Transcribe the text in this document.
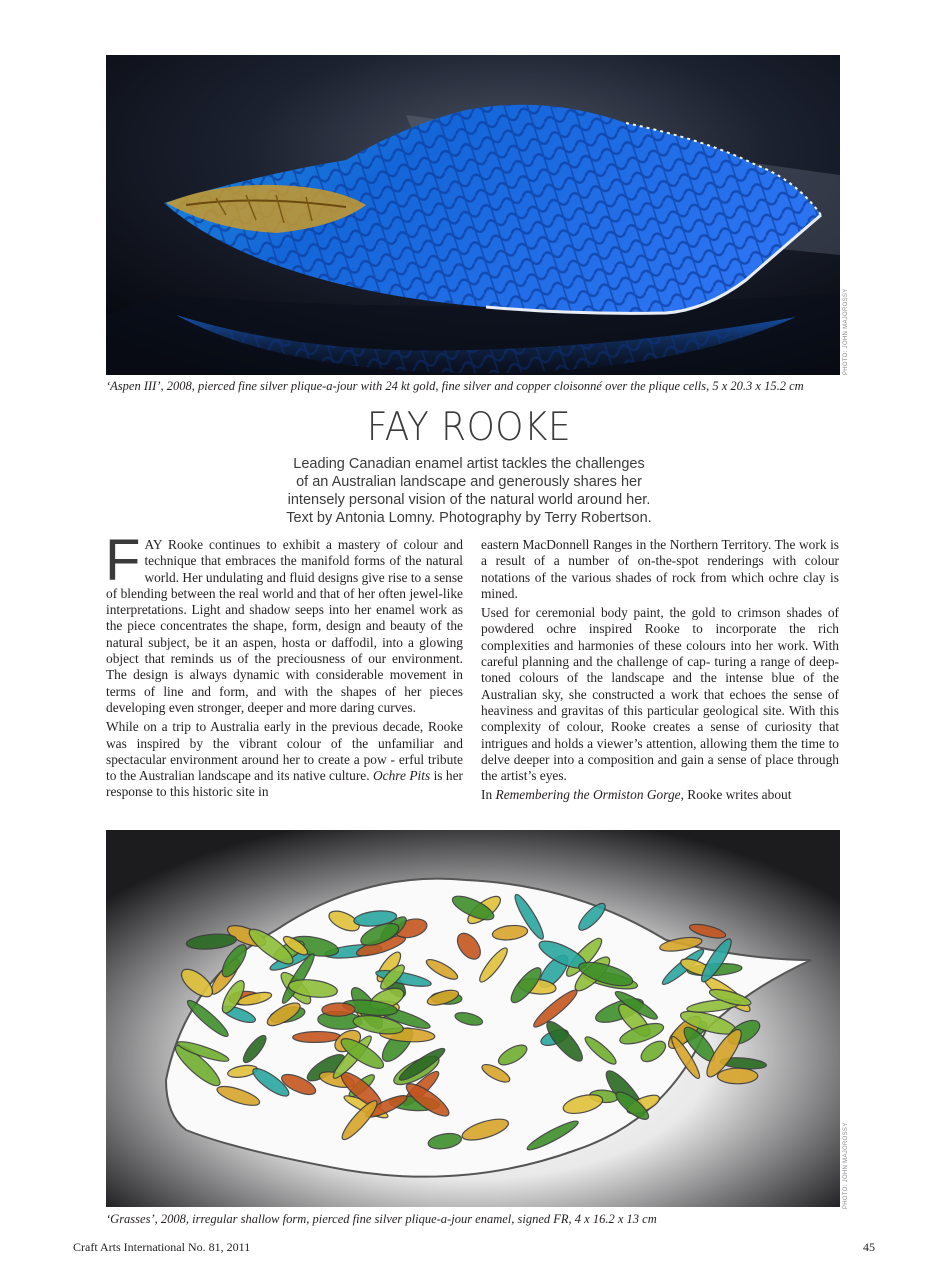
PHOTO: JOHN MAJOROSSY
‘Aspen III’, 2008, pierced fine silver plique-a-jour with 24 kt gold, fine silver and copper cloisonné over the plique cells, 5 x 20.3 x 15.2 cm
FAY ROOKE
Leading Canadian enamel artist tackles the challenges
of an Australian landscape and generously shares her
intensely personal vision of the natural world around her.
Text by Antonia Lomny. Photography by Terry Robertson.

FAY Rooke continues to exhibit a mastery of colour and technique that embraces the manifold forms of the natural world. Her undulating and fluid designs give rise to a sense of blending between the real world and that of her often jewel-like interpretations. Light and shadow seeps into her enamel work as the piece concentrates the shape, form, design and beauty of the natural subject, be it an aspen, hosta or daffodil, into a glowing object that reminds us of the preciousness of our environment. The design is always dynamic with considerable movement in terms of line and form, and with the shapes of her pieces developing even stronger, deeper and more daring curves.

While on a trip to Australia early in the previous decade, Rooke was inspired by the vibrant colour of the unfamiliar and spectacular environment around her to create a pow - erful tribute to the Australian landscape and its native culture. Ochre Pits is her response to this historic site in

eastern MacDonnell Ranges in the Northern Territory. The work is a result of a number of on-the-spot renderings with colour notations of the various shades of rock from which ochre clay is mined.

Used for ceremonial body paint, the gold to crimson shades of powdered ochre inspired Rooke to incorporate the rich complexities and harmonies of these colours into her work. With careful planning and the challenge of cap- turing a range of deep-toned colours of the landscape and the intense blue of the Australian sky, she constructed a work that echoes the sense of heaviness and gravitas of this particular geological site. With this complexity of colour, Rooke creates a sense of curiosity that intrigues and holds a viewer’s attention, allowing them the time to delve deeper into a composition and gain a sense of place through the artist’s eyes.

In Remembering the Ormiston Gorge, Rooke writes about

PHOTO: JOHN MAJOROSSY
‘Grasses’, 2008, irregular shallow form, pierced fine silver plique-a-jour enamel, signed FR, 4 x 16.2 x 13 cm
Craft Arts International No. 81, 2011	45
